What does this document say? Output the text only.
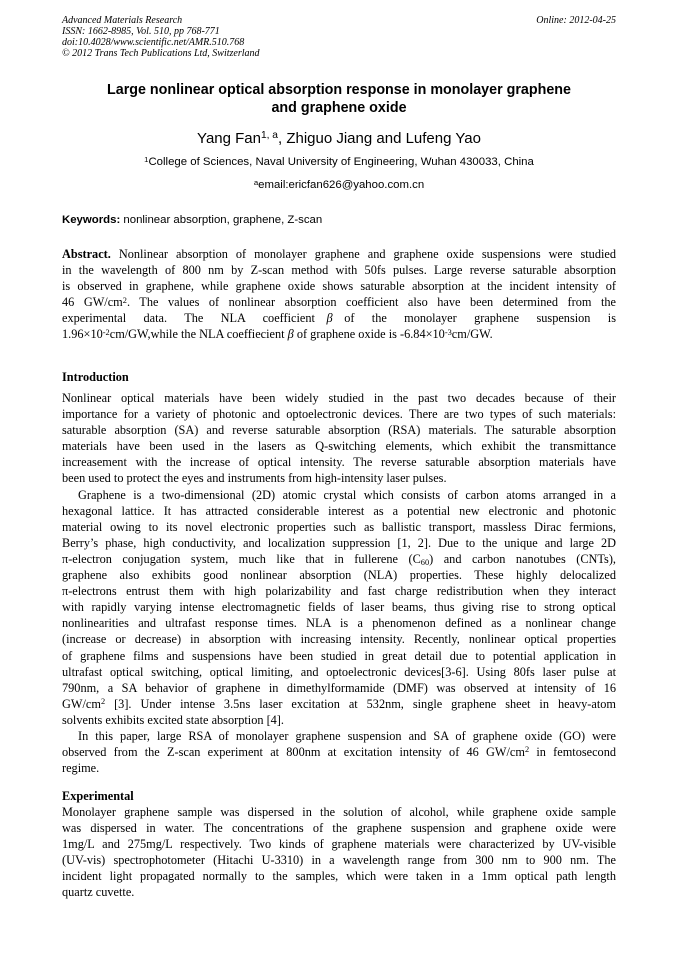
Advanced Materials Research
ISSN: 1662-8985, Vol. 510, pp 768-771
doi:10.4028/www.scientific.net/AMR.510.768
© 2012 Trans Tech Publications Ltd, Switzerland
Online: 2012-04-25
Large nonlinear optical absorption response in monolayer graphene
and graphene oxide
Yang Fan$^{1, a}$, Zhiguo Jiang and Lufeng Yao
$^1$College of Sciences, Naval University of Engineering, Wuhan 430033, China
$^a$email:ericfan626@yahoo.com.cn
Keywords: nonlinear absorption, graphene, Z-scan
Abstract. Nonlinear absorption of monolayer graphene and graphene oxide suspensions were studied
in the wavelength of 800 nm by Z-scan method with 50fs pulses. Large reverse saturable absorption
is observed in graphene, while graphene oxide shows saturable absorption at the incident intensity of
46 $GW/cm^2$. The values of nonlinear absorption coefficient also have been determined from the
experimental   data.   The   NLA   coefficient  β  of   the   monolayer   graphene   suspension   is
$1.96\times 10^{-2}cm/GW,while$ the NLA coeffiecient β of graphene oxide is $-6.84\times 10^{-3}cm/GW$.
Introduction
Nonlinear optical materials have been widely studied in the past two decades because of their
importance for a variety of photonic and optoelectronic devices. There are two types of such materials:
saturable absorption (SA) and reverse saturable absorption (RSA) materials. The saturable absorption
materials have been used in the lasers as Q-switching elements, which exhibit the transmittance
increasement with the increase of optical intensity. The reverse saturable absorption materials have
been used to protect the eyes and instruments from high-intensity laser pulses.
Graphene is a two-dimensional (2D) atomic crystal which consists of carbon atoms arranged in a
hexagonal lattice. It has attracted considerable interest as a potential new electronic and photonic
material owing to its novel electronic properties such as ballistic transport, massless Dirac fermions,
Berry’s phase, high conductivity, and localization suppression [1, 2]. Due to the unique and large 2D
π-electron conjugation system, much like that in fullerene $(C_{60})$ and carbon nanotubes (CNTs),
graphene also exhibits good nonlinear absorption (NLA) properties. These highly delocalized
π-electrons entrust them with high polarizability and fast charge redistribution when they interact
with rapidly varying intense electromagnetic fields of laser beams, thus giving rise to strong optical
nonlinearities and ultrafast response times. NLA is a phenomenon defined as a nonlinear change
(increase or decrease) in absorption with increasing intensity. Recently, nonlinear optical properties
of graphene films and suspensions have been studied in great detail due to potential application in
ultrafast optical switching, optical limiting, and optoelectronic devices[3-6]. Using 80fs laser pulse at
790nm, a SA behavior of graphene in dimethylformamide (DMF) was observed at intensity of 16
$GW/cm^2$ [3]. Under intense 3.5ns laser excitation at 532nm, single graphene sheet in heavy-atom
solvents exhibits excited state absorption [4].
In this paper, large RSA of monolayer graphene suspension and SA of graphene oxide (GO) were
observed from the Z-scan experiment at 800nm at excitation intensity of 46 $GW/cm^2$ in femtosecond
regime.
Experimental
Monolayer graphene sample was dispersed in the solution of alcohol, while graphene oxide sample
was dispersed in water. The concentrations of the graphene suspension and graphene oxide were
1mg/L and 275mg/L respectively. Two kinds of graphene materials were characterized by UV-visible
(UV-vis) spectrophotometer (Hitachi U-3310) in a wavelength range from 300 nm to 900 nm. The
incident light propagated normally to the samples, which were taken in a 1mm optical path length
quartz cuvette.
